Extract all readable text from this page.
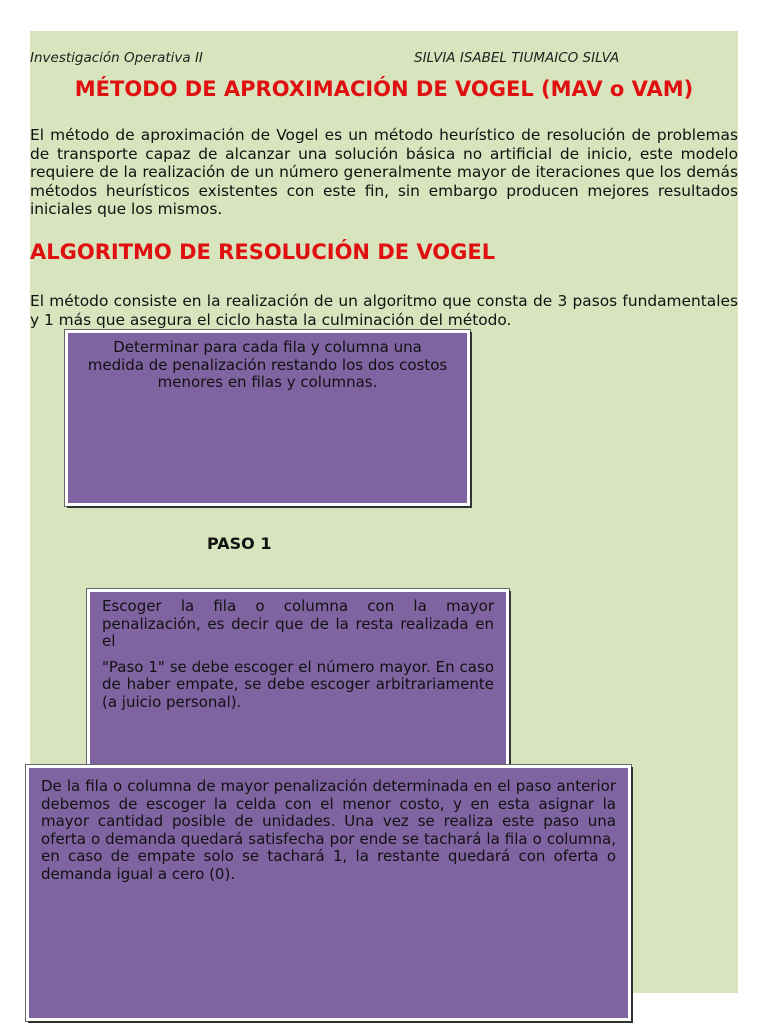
Investigación Operativa II	SILVIA ISABEL TIUMAICO SILVA
MÉTODO DE APROXIMACIÓN DE VOGEL (MAV o VAM)
El método de aproximación de Vogel es un método heurístico de resolución de problemas de transporte capaz de alcanzar una solución básica no artificial de inicio, este modelo requiere de la realización de un número generalmente mayor de iteraciones que los demás métodos heurísticos existentes con este fin, sin embargo producen mejores resultados iniciales que los mismos.
ALGORITMO DE RESOLUCIÓN DE VOGEL
El método consiste en la realización de un algoritmo que consta de 3 pasos fundamentales y 1 más que asegura el ciclo hasta la culminación del método.

Determinar para cada fila y columna una medida de penalización restando los dos costos menores en filas y columnas.

PASO 1

Escoger la fila o columna con la mayor penalización, es decir que de la resta realizada en el

"Paso 1" se debe escoger el número mayor. En caso de haber empate, se debe escoger arbitrariamente (a juicio personal).

De la fila o columna de mayor penalización determinada en el paso anterior debemos de escoger la celda con el menor costo, y en esta asignar la mayor cantidad posible de unidades. Una vez se realiza este paso una oferta o demanda quedará satisfecha por ende se tachará la fila o columna, en caso de empate solo se tachará 1, la restante quedará con oferta o demanda igual a cero (0).
